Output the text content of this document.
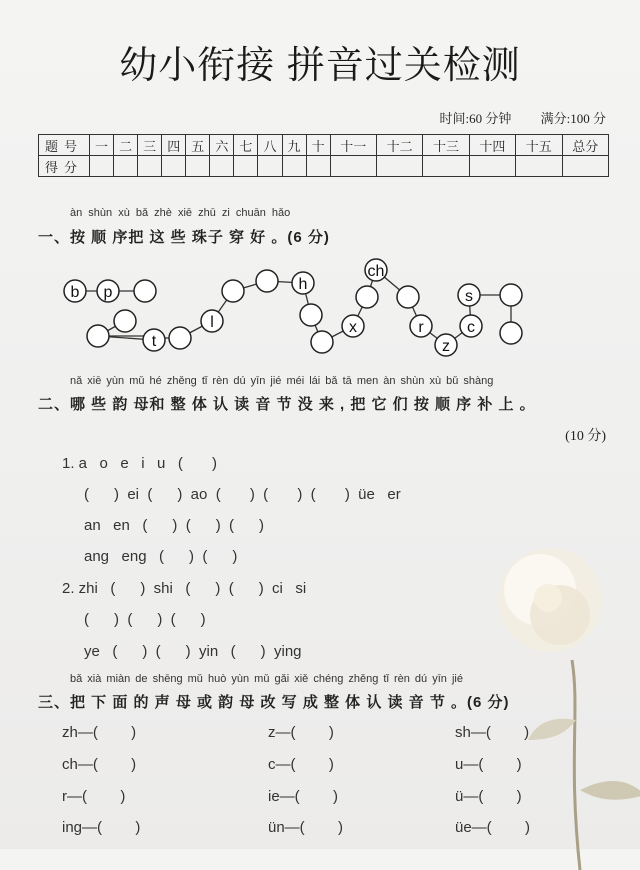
幼小衔接 拼音过关检测
时间:60 分钟 满分:100 分
题号	一	二	三	四	五	六	七	八	九	十	十一	十二	十三	十四	十五	总分
得分																
àn shùn xù bǎ zhè xiē zhū zi chuān hǎo
一、按 顺 序把 这 些 珠子 穿 好 。(6 分)
b p
t
l
h
x
ch
r
z
s
c
nǎ xiē yùn mǔ hé zhěng tǐ rèn dú yīn jié méi lái bǎ tā men àn shùn xù bǔ shàng
二、哪 些 韵 母和 整 体 认 读 音 节 没 来 , 把 它 们 按 顺 序 补 上 。
(10 分)
1. a   o   e   i   u   (       )
(      )  ei  (      )  ao  (       )  (       )  (       )  üe   er
an   en   (      )  (      )  (      )
ang   eng   (      )  (      )
2. zhi   (      )  shi   (      )  (      )  ci   si
(      )  (      )  (      )
ye   (      )  (      )  yin   (      )  ying
bǎ xià miàn de shēng mǔ huò yùn mǔ gǎi xiě chéng zhěng tǐ rèn dú yīn jié
三、把 下 面 的 声 母 或 韵 母 改 写 成 整 体 认 读 音 节 。(6 分)
zh—(        )	z—(        )	sh—(        )
ch—(        )	c—(        )	u—(        )
r—(        )	ie—(        )	ü—(        )
ing—(        )	ün—(        )	üe—(        )
